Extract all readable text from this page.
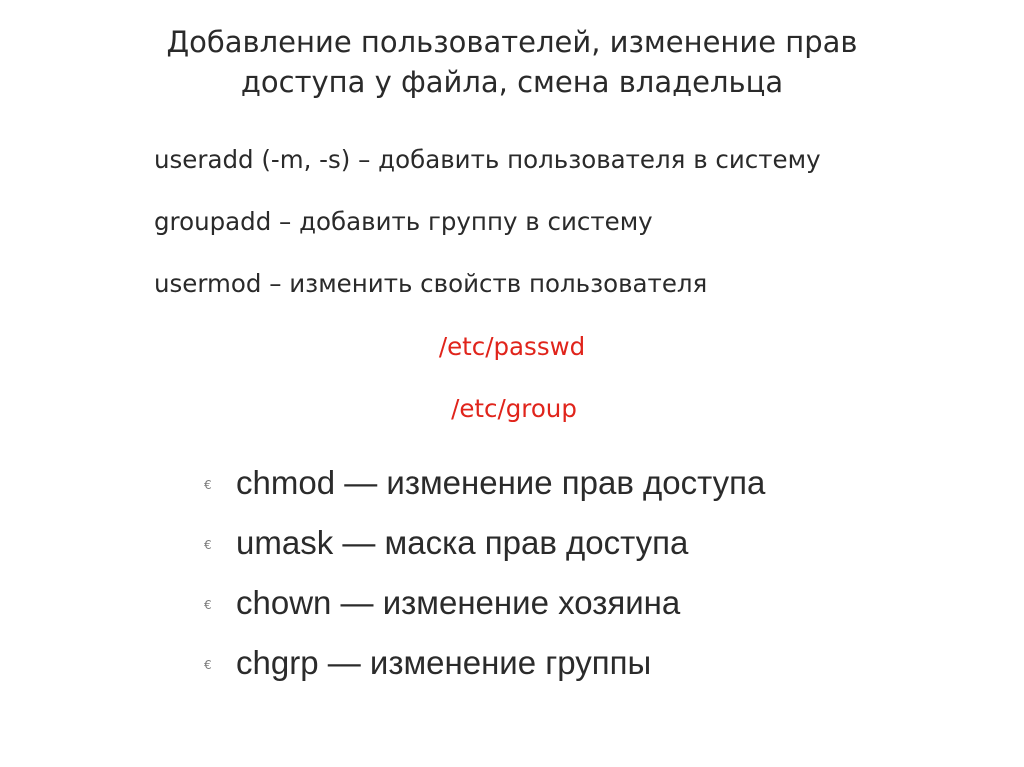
Добавление пользователей, изменение прав
доступа у файла, смена владельца
useradd (-m, -s) – добавить пользователя в систему
groupadd – добавить группу в систему
usermod – изменить свойств пользователя
/etc/passwd
/etc/group
€ chmod — изменение прав доступа
€ umask — маска прав доступа
€ chown — изменение хозяина
€ chgrp — изменение группы
